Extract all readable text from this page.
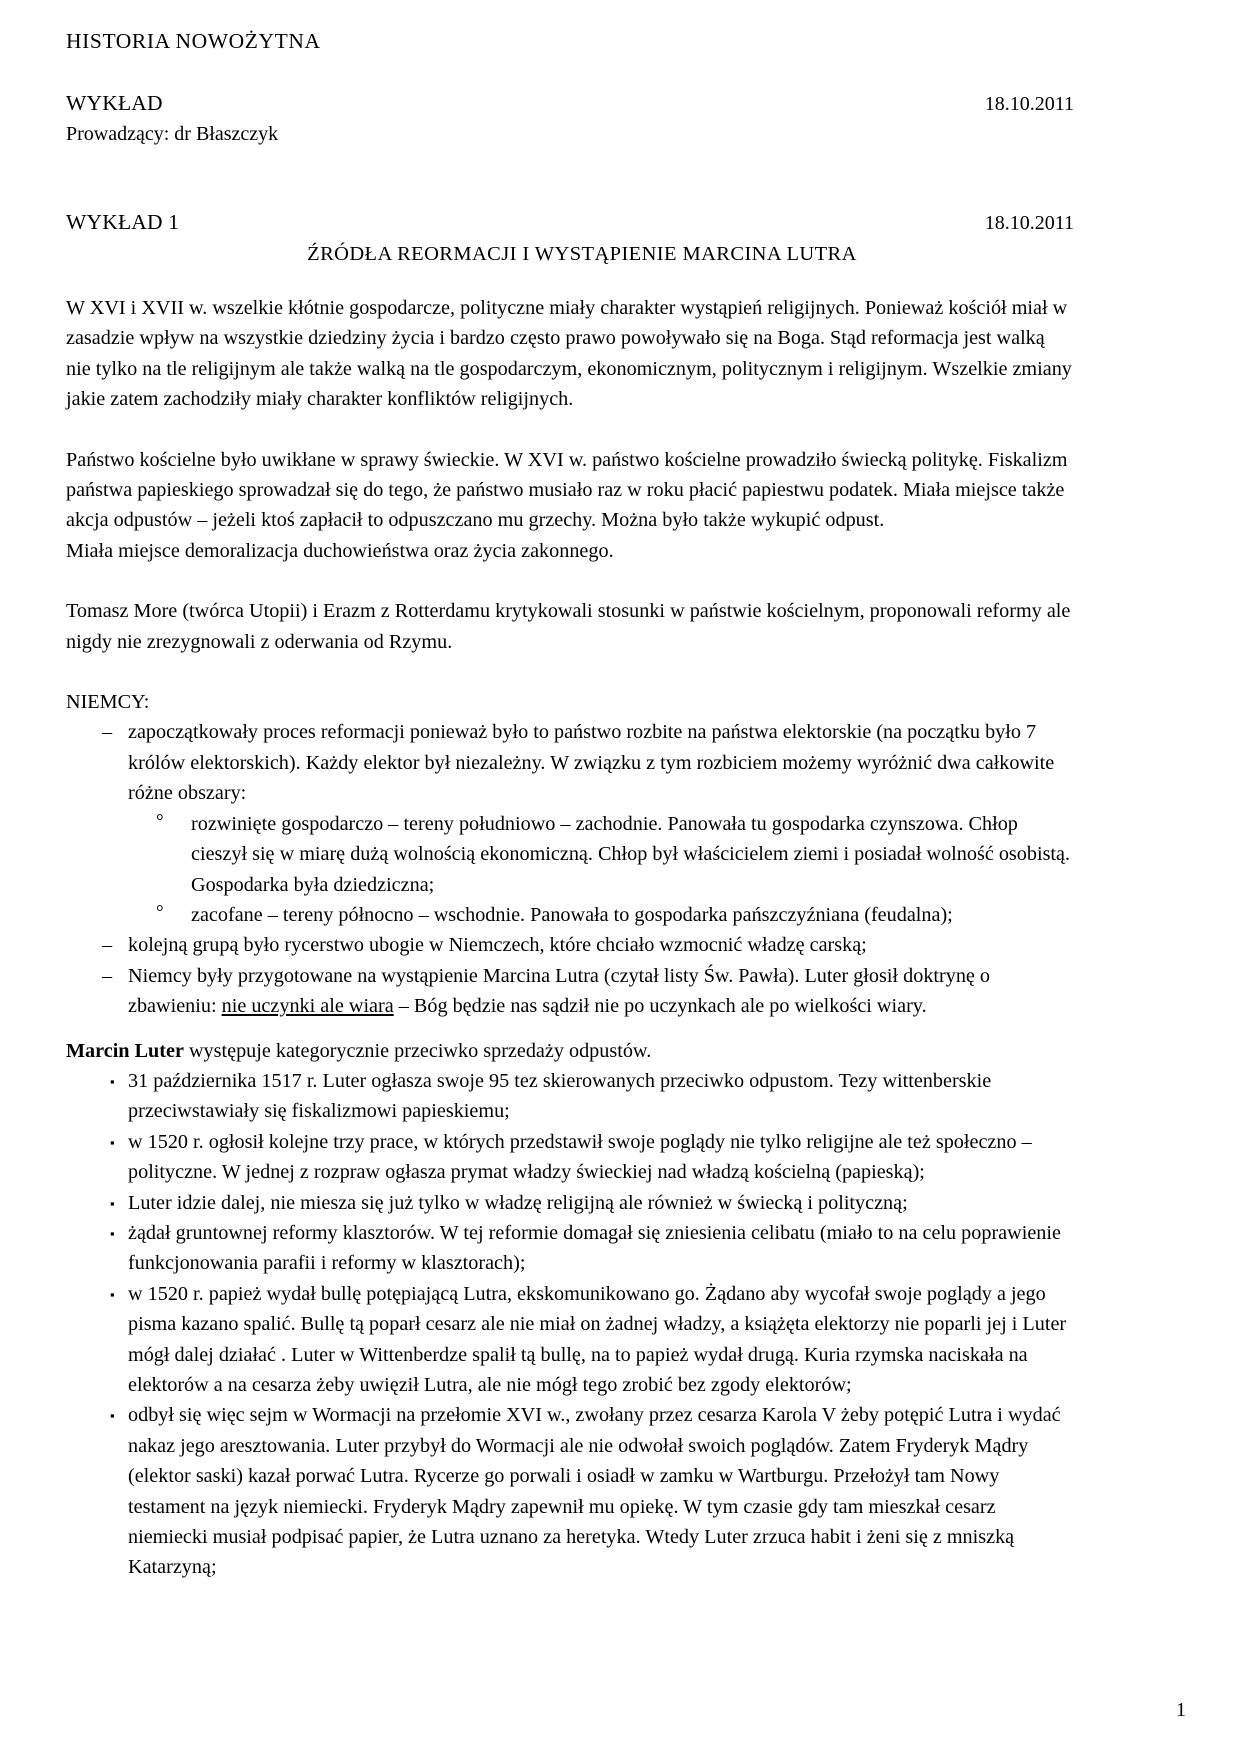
HISTORIA NOWOŻYTNA
WYKŁAD	18.10.2011
Prowadzący: dr Błaszczyk
WYKŁAD 1	18.10.2011
ŹRÓDŁA REORMACJI I WYSTĄPIENIE MARCINA LUTRA

W XVI i XVII w. wszelkie kłótnie gospodarcze, polityczne miały charakter wystąpień religijnych. Ponieważ kościół miał w zasadzie wpływ na wszystkie dziedziny życia i bardzo często prawo powoływało się na Boga. Stąd reformacja jest walką nie tylko na tle religijnym ale także walką na tle gospodarczym, ekonomicznym, politycznym i religijnym. Wszelkie zmiany jakie zatem zachodziły miały charakter konfliktów religijnych.

Państwo kościelne było uwikłane w sprawy świeckie. W XVI w. państwo kościelne prowadziło świecką politykę. Fiskalizm państwa papieskiego sprowadzał się do tego, że państwo musiało raz w roku płacić papiestwu podatek. Miała miejsce także akcja odpustów – jeżeli ktoś zapłacił to odpuszczano mu grzechy. Można było także wykupić odpust.

Miała miejsce demoralizacja duchowieństwa oraz życia zakonnego.

Tomasz More (twórca Utopii) i Erazm z Rotterdamu krytykowali stosunki w państwie kościelnym, proponowali reformy ale nigdy nie zrezygnowali z oderwania od Rzymu.

NIEMCY:
– zapoczątkowały proces reformacji ponieważ było to państwo rozbite na państwa elektorskie (na początku było 7 królów elektorskich). Każdy elektor był niezależny. W związku z tym rozbiciem możemy wyróżnić dwa całkowite różne obszary:
° rozwinięte gospodarczo – tereny południowo – zachodnie. Panowała tu gospodarka czynszowa. Chłop cieszył się w miarę dużą wolnością ekonomiczną. Chłop był właścicielem ziemi i posiadał wolność osobistą. Gospodarka była dziedziczna;
° zacofane – tereny północno – wschodnie. Panowała to gospodarka pańszczyźniana (feudalna);
– kolejną grupą było rycerstwo ubogie w Niemczech, które chciało wzmocnić władzę carską;
– Niemcy były przygotowane na wystąpienie Marcina Lutra (czytał listy Św. Pawła). Luter głosił doktrynę o zbawieniu: nie uczynki ale wiara – Bóg będzie nas sądził nie po uczynkach ale po wielkości wiary.

Marcin Luter występuje kategorycznie przeciwko sprzedaży odpustów.

▪ 31 października 1517 r. Luter ogłasza swoje 95 tez skierowanych przeciwko odpustom. Tezy wittenberskie przeciwstawiały się fiskalizmowi papieskiemu;
▪ w 1520 r. ogłosił kolejne trzy prace, w których przedstawił swoje poglądy nie tylko religijne ale też społeczno – polityczne. W jednej z rozpraw ogłasza prymat władzy świeckiej nad władzą kościelną (papieską);
▪ Luter idzie dalej, nie miesza się już tylko w władzę religijną ale również w świecką i polityczną;
▪ żądał gruntownej reformy klasztorów. W tej reformie domagał się zniesienia celibatu (miało to na celu poprawienie funkcjonowania parafii i reformy w klasztorach);
▪ w 1520 r. papież wydał bullę potępiającą Lutra, ekskomunikowano go. Żądano aby wycofał swoje poglądy a jego pisma kazano spalić. Bullę tą poparł cesarz ale nie miał on żadnej władzy, a książęta elektorzy nie poparli jej i Luter mógł dalej działać . Luter w Wittenberdze spalił tą bullę, na to papież wydał drugą. Kuria rzymska naciskała na elektorów a na cesarza żeby uwięził Lutra, ale nie mógł tego zrobić bez zgody elektorów;
▪ odbył się więc sejm w Wormacji na przełomie XVI w., zwołany przez cesarza Karola V żeby potępić Lutra i wydać nakaz jego aresztowania. Luter przybył do Wormacji ale nie odwołał swoich poglądów. Zatem Fryderyk Mądry (elektor saski) kazał porwać Lutra. Rycerze go porwali i osiadł w zamku w Wartburgu. Przełożył tam Nowy testament na język niemiecki. Fryderyk Mądry zapewnił mu opiekę. W tym czasie gdy tam mieszkał cesarz niemiecki musiał podpisać papier, że Lutra uznano za heretyka. Wtedy Luter zrzuca habit i żeni się z mniszką Katarzyną;
1
